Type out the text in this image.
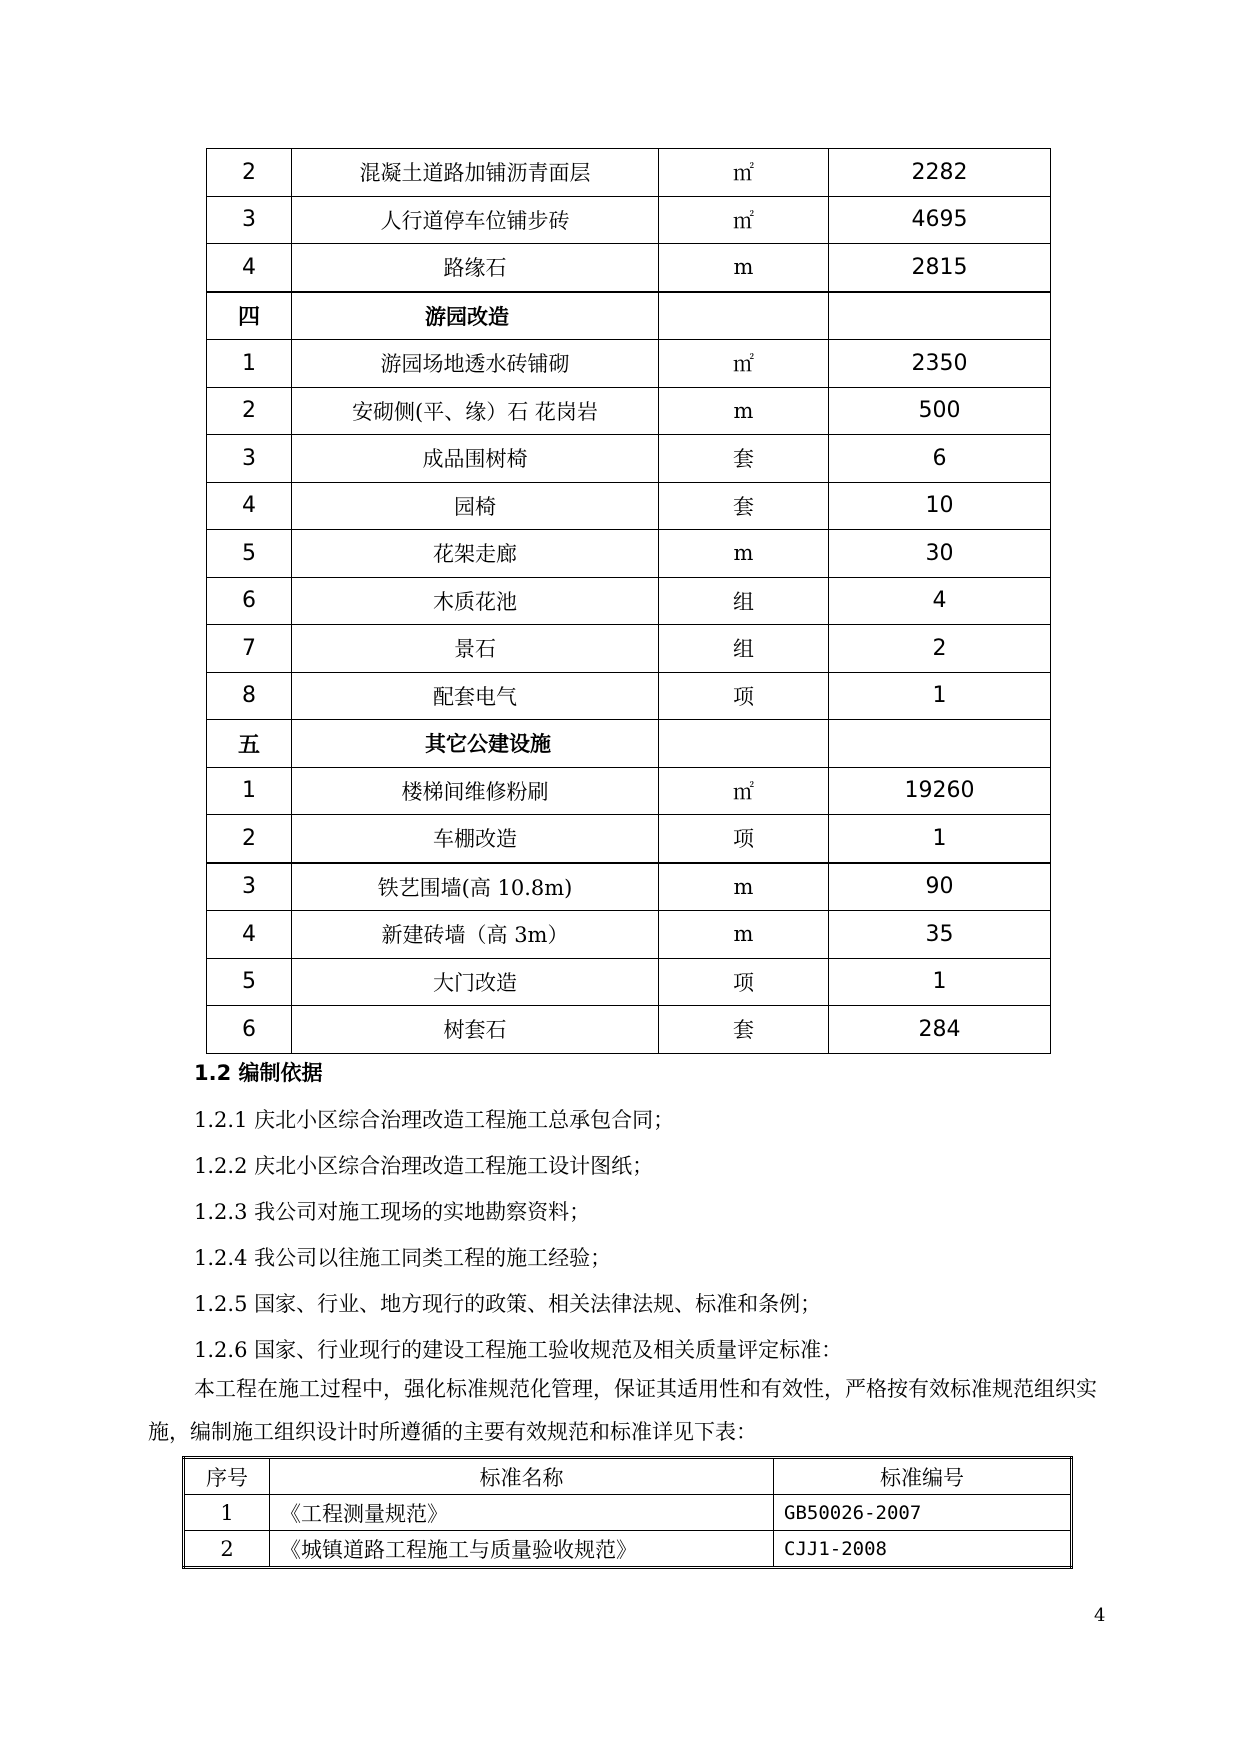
2	混凝土道路加铺沥青面层	㎡	2282
3	人行道停车位铺步砖	㎡	4695
4	路缘石	m	2815
四	游园改造		
1	游园场地透水砖铺砌	㎡	2350
2	安砌侧(平、缘）石 花岗岩	m	500
3	成品围树椅	套	6
4	园椅	套	10
5	花架走廊	m	30
6	木质花池	组	4
7	景石	组	2
8	配套电气	项	1
五	其它公建设施		
1	楼梯间维修粉刷	㎡	19260
2	车棚改造	项	1
3	铁艺围墙(高 10.8m)	m	90
4	新建砖墙（高 3m）	m	35
5	大门改造	项	1
6	树套石	套	284
1.2 编制依据
1.2.1 庆北小区综合治理改造工程施工总承包合同；
1.2.2 庆北小区综合治理改造工程施工设计图纸；
1.2.3 我公司对施工现场的实地勘察资料；
1.2.4 我公司以往施工同类工程的施工经验；
1.2.5 国家、行业、地方现行的政策、相关法律法规、标准和条例；
1.2.6 国家、行业现行的建设工程施工验收规范及相关质量评定标准：
本工程在施工过程中，强化标准规范化管理，保证其适用性和有效性，严格按有效标准规范组织实施，编制施工组织设计时所遵循的主要有效规范和标准详见下表：
序号	标准名称	标准编号
1	《工程测量规范》	GB50026-2007
2	《城镇道路工程施工与质量验收规范》	CJJ1-2008
4
